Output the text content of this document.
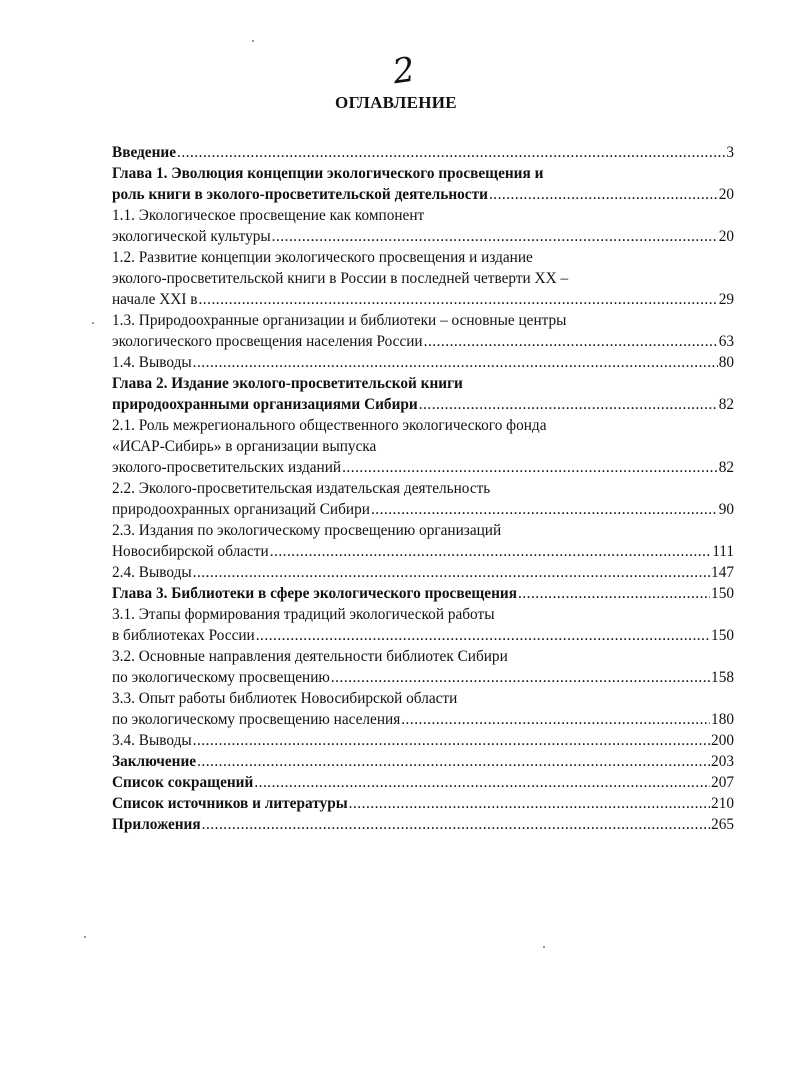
2
ОГЛАВЛЕНИЕ
Введение .....	3
Глава 1. Эволюция концепции экологического просвещения и
роль книги в эколого-просветительской деятельности .....	20
1.1. Экологическое просвещение как компонент
экологической культуры .....	20
1.2. Развитие концепции экологического просвещения и издание
эколого-просветительской книги в России в последней четверти ХХ –
начале XXI в .....	29
1.3. Природоохранные организации и библиотеки – основные центры
экологического просвещения населения России .....	63
1.4. Выводы .....	80
Глава 2. Издание эколого-просветительской книги
природоохранными организациями Сибири .....	82
2.1. Роль межрегионального общественного экологического фонда
«ИСАР-Сибирь» в организации выпуска
эколого-просветительских изданий .....	82
2.2. Эколого-просветительская издательская деятельность
природоохранных организаций Сибири .....	90
2.3. Издания по экологическому просвещению организаций
Новосибирской области .....	111
2.4. Выводы .....	147
Глава 3. Библиотеки в сфере экологического просвещения .....	150
3.1. Этапы формирования традиций экологической работы
в библиотеках России .....	150
3.2. Основные направления деятельности библиотек Сибири
по экологическому просвещению .....	158
3.3. Опыт работы библиотек Новосибирской области
по экологическому просвещению населения .....	180
3.4. Выводы .....	200
Заключение .....	203
Список сокращений .....	207
Список источников и литературы .....	210
Приложения .....	265
